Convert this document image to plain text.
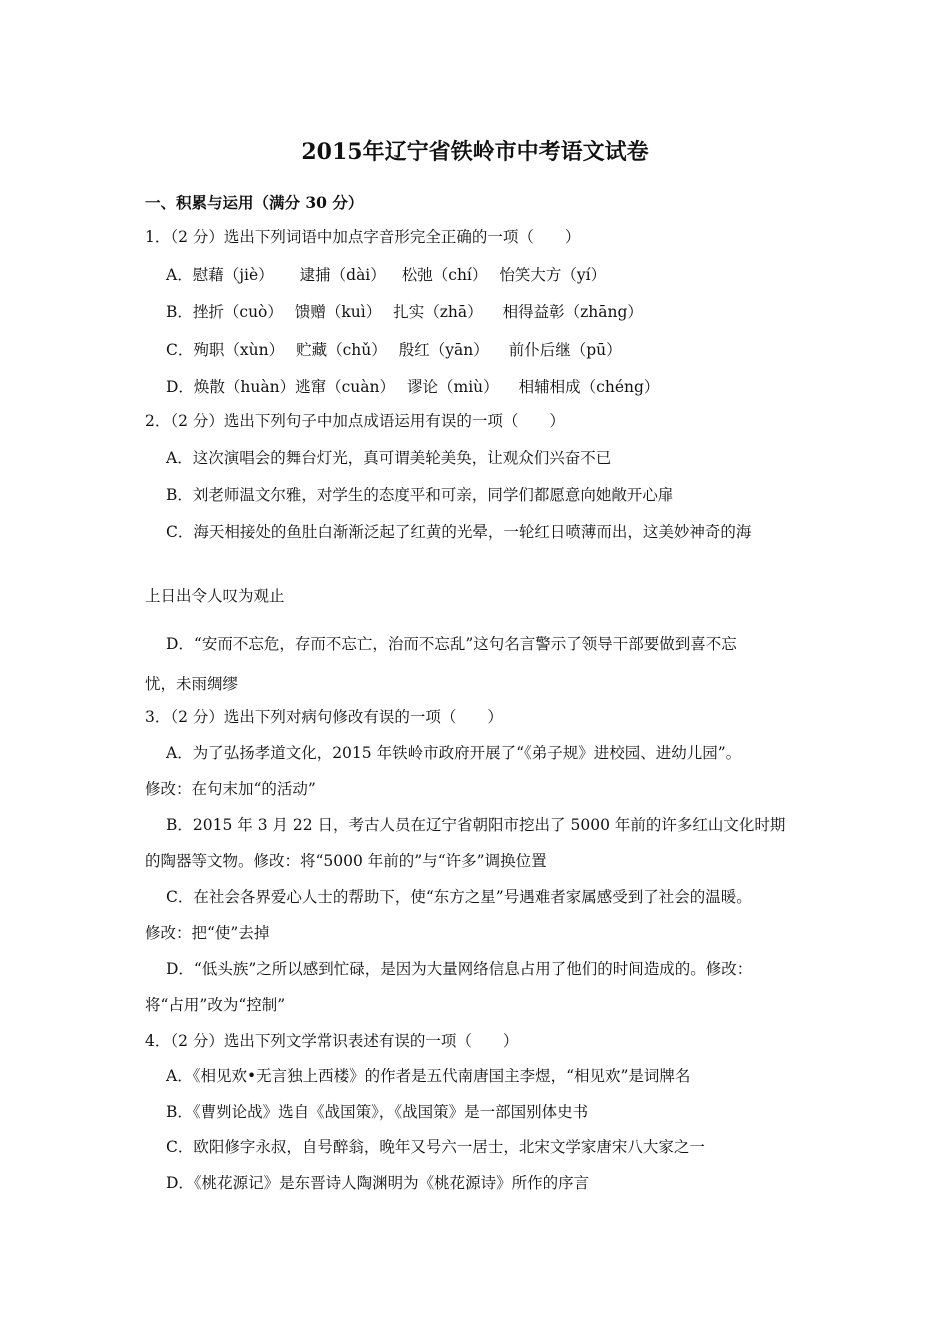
2015年辽宁省铁岭市中考语文试卷
一、积累与运用（满分 30 分）
1．（2 分）选出下列词语中加点字音形完全正确的一项（　　）
A．慰藉（jiè） 逮捕（dài） 松弛（chí） 怡笑大方（yí）
B．挫折（cuò） 馈赠（kuì） 扎实（zhā） 相得益彰（zhāng）
C．殉职（xùn） 贮藏（chǔ） 殷红（yān） 前仆后继（pū）
D．焕散（huàn）逃窜（cuàn） 谬论（miù） 相辅相成（chéng）
2．（2 分）选出下列句子中加点成语运用有误的一项（　　）
A．这次演唱会的舞台灯光，真可谓美轮美奂，让观众们兴奋不已
B．刘老师温文尔雅，对学生的态度平和可亲，同学们都愿意向她敞开心扉
C．海天相接处的鱼肚白渐渐泛起了红黄的光晕，一轮红日喷薄而出，这美妙神奇的海
上日出令人叹为观止
D．“安而不忘危，存而不忘亡，治而不忘乱”这句名言警示了领导干部要做到喜不忘
忧，未雨绸缪
3．（2 分）选出下列对病句修改有误的一项（　　）
A．为了弘扬孝道文化，2015 年铁岭市政府开展了“《弟子规》进校园、进幼儿园”。
修改：在句末加“的活动”
B．2015 年 3 月 22 日，考古人员在辽宁省朝阳市挖出了 5000 年前的许多红山文化时期
的陶器等文物。修改：将“5000 年前的”与“许多”调换位置
C．在社会各界爱心人士的帮助下，使“东方之星”号遇难者家属感受到了社会的温暖。
修改：把“使”去掉
D．“低头族”之所以感到忙碌，是因为大量网络信息占用了他们的时间造成的。修改：
将“占用”改为“控制”
4．（2 分）选出下列文学常识表述有误的一项（　　）
A．《相见欢•无言独上西楼》的作者是五代南唐国主李煜，“相见欢”是词牌名
B．《曹刿论战》选自《战国策》，《战国策》是一部国别体史书
C．欧阳修字永叔，自号醉翁，晚年又号六一居士，北宋文学家唐宋八大家之一
D．《桃花源记》是东晋诗人陶渊明为《桃花源诗》所作的序言
